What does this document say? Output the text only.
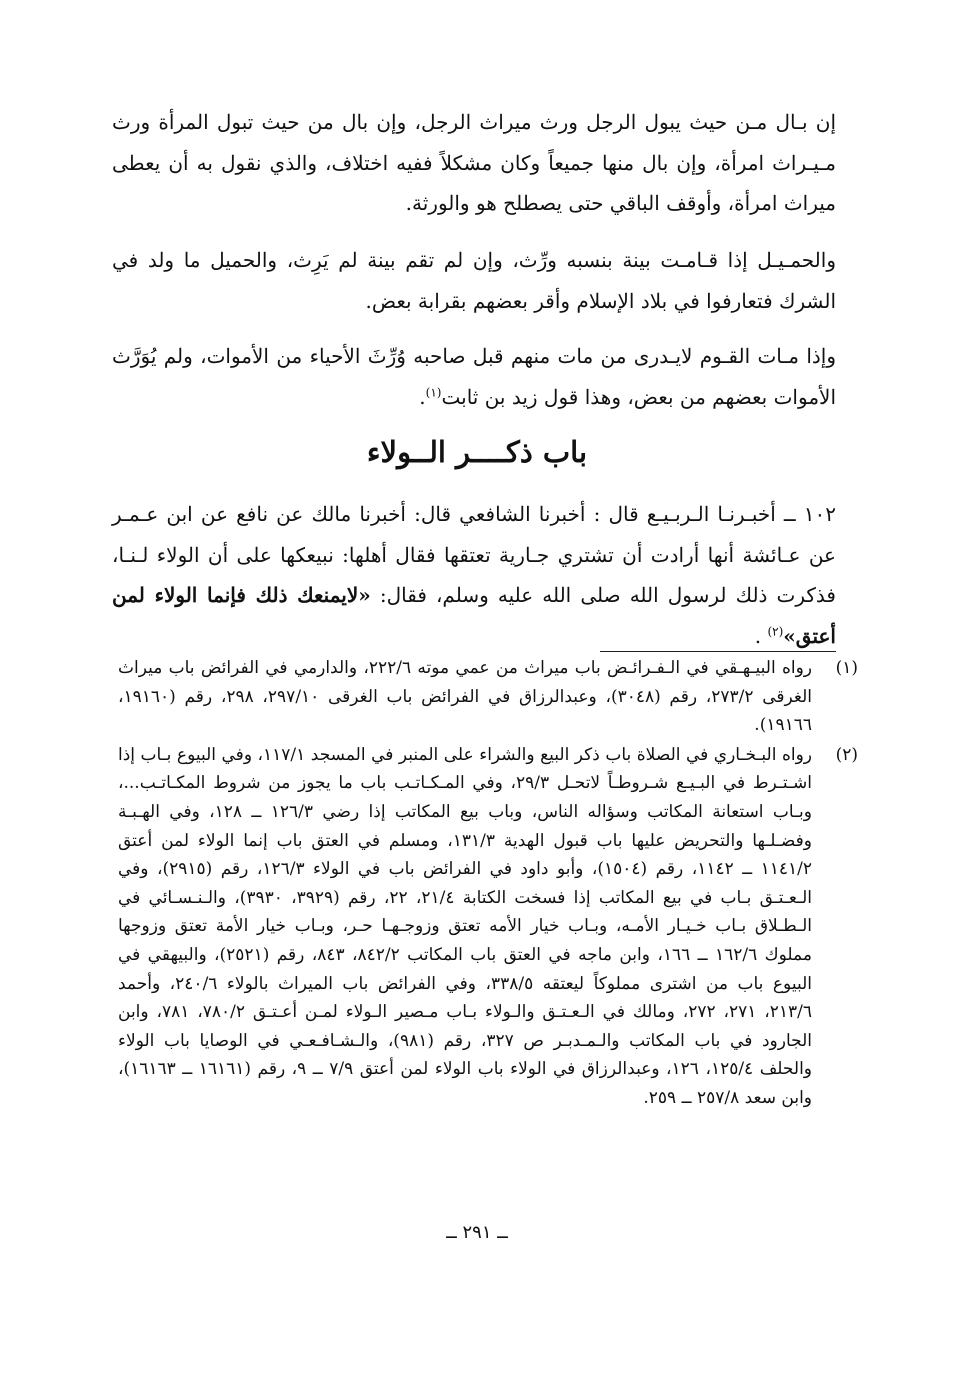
إن بـال مـن حيث يبول الرجل ورث ميراث الرجل، وإن بال من حيث تبول المرأة ورث مـيـراث امرأة، وإن بال منها جميعاً وكان مشكلاً ففيه اختلاف، والذي نقول به أن يعطى ميراث امرأة، وأوقف الباقي حتى يصطلح هو والورثة.

والحمـيـل إذا قـامـت بينة بنسبه ورِّث، وإن لم تقم بينة لم يَرِث، والحميل ما ولد في الشرك فتعارفوا في بلاد الإسلام وأقر بعضهم بقرابة بعض.

وإذا مـات القـوم لايـدرى من مات منهم قبل صاحبه وُرِّثَ الأحياء من الأموات، ولم يُوَرَّث الأموات بعضهم من بعض، وهذا قول زيد بن ثابت$^{(١)}$.

باب ذكــــر الــولاء

١٠٢ ــ أخبـرنـا الـربـيـع قال : أخبرنا الشافعي قال: أخبرنا مالك عن نافع عن ابن عـمـر عن عـائشة أنها أرادت أن تشتري جـارية تعتقها فقال أهلها: نبيعكها على أن الولاء لـنـا، فذكرت ذلك لرسول الله صلى الله عليه وسلم، فقال: «لايمنعك ذلك فإنما الولاء لمن أعتق»$^{(٢)}$ .

(١)
رواه البيـهـقي في الـفـرائـض باب ميراث من عمي موته ٢٢٢/٦، والدارمي في الفرائض باب ميراث الغرقى ٢٧٣/٢، رقم (٣٠٤٨)، وعبدالرزاق في الفرائض باب الغرقى ٢٩٧/١٠، ٢٩٨، رقم (١٩١٦٠، ١٩١٦٦).
(٢)
رواه البـخـاري في الصلاة باب ذكر البيع والشراء على المنبر في المسجد ١١٧/١، وفي البيوع بـاب إذا اشـتـرط في البـيـع شـروطـاً لاتحـل ٢٩/٣، وفي المـكـاتـب باب ما يجوز من شروط المكـاتـب...، وبـاب استعانة المكاتب وسؤاله الناس، وباب بيع المكاتب إذا رضي ١٢٦/٣ ــ ١٢٨، وفي الهـبـة وفضـلـها والتحريض عليها باب قبول الهدية ١٣١/٣، ومسلم في العتق باب إنما الولاء لمن أعتق ١١٤١/٢ ــ ١١٤٢، رقم (١٥٠٤)، وأبو داود في الفرائض باب في الولاء ١٢٦/٣، رقم (٢٩١٥)، وفي الـعـتـق بـاب في بيع المكاتب إذا فسخت الكتابة ٢١/٤، ٢٢، رقم (٣٩٢٩، ٣٩٣٠)، والـنـسـائي في الـطـلاق بـاب خـيـار الأمـه، وبـاب خيار الأمه تعتق وزوجـهـا حـر، وبـاب خيار الأمة تعتق وزوجها مملوك ١٦٢/٦ ــ ١٦٦، وابن ماجه في العتق باب المكاتب ٨٤٢/٢، ٨٤٣، رقم (٢٥٢١)، والبيهقي في البيوع باب من اشترى مملوكاً ليعتقه ٣٣٨/٥، وفي الفرائض باب الميراث بالولاء ٢٤٠/٦، وأحمد ٢١٣/٦، ٢٧١، ٢٧٢، ومالك في الـعـتـق والـولاء بـاب مـصير الـولاء لمـن أعـتـق ٧٨٠/٢، ٧٨١، وابن الجارود في باب المكاتب والـمـدبـر ص ٣٢٧، رقم (٩٨١)، والـشـافـعـي في الوصايا باب الولاء والحلف ١٢٥/٤، ١٢٦، وعبدالرزاق في الولاء باب الولاء لمن أعتق ٧/٩ ــ ٩، رقم (١٦١٦١ ــ ١٦١٦٣)، وابن سعد ٢٥٧/٨ ــ ٢٥٩.
ــ ٢٩١ ــ
